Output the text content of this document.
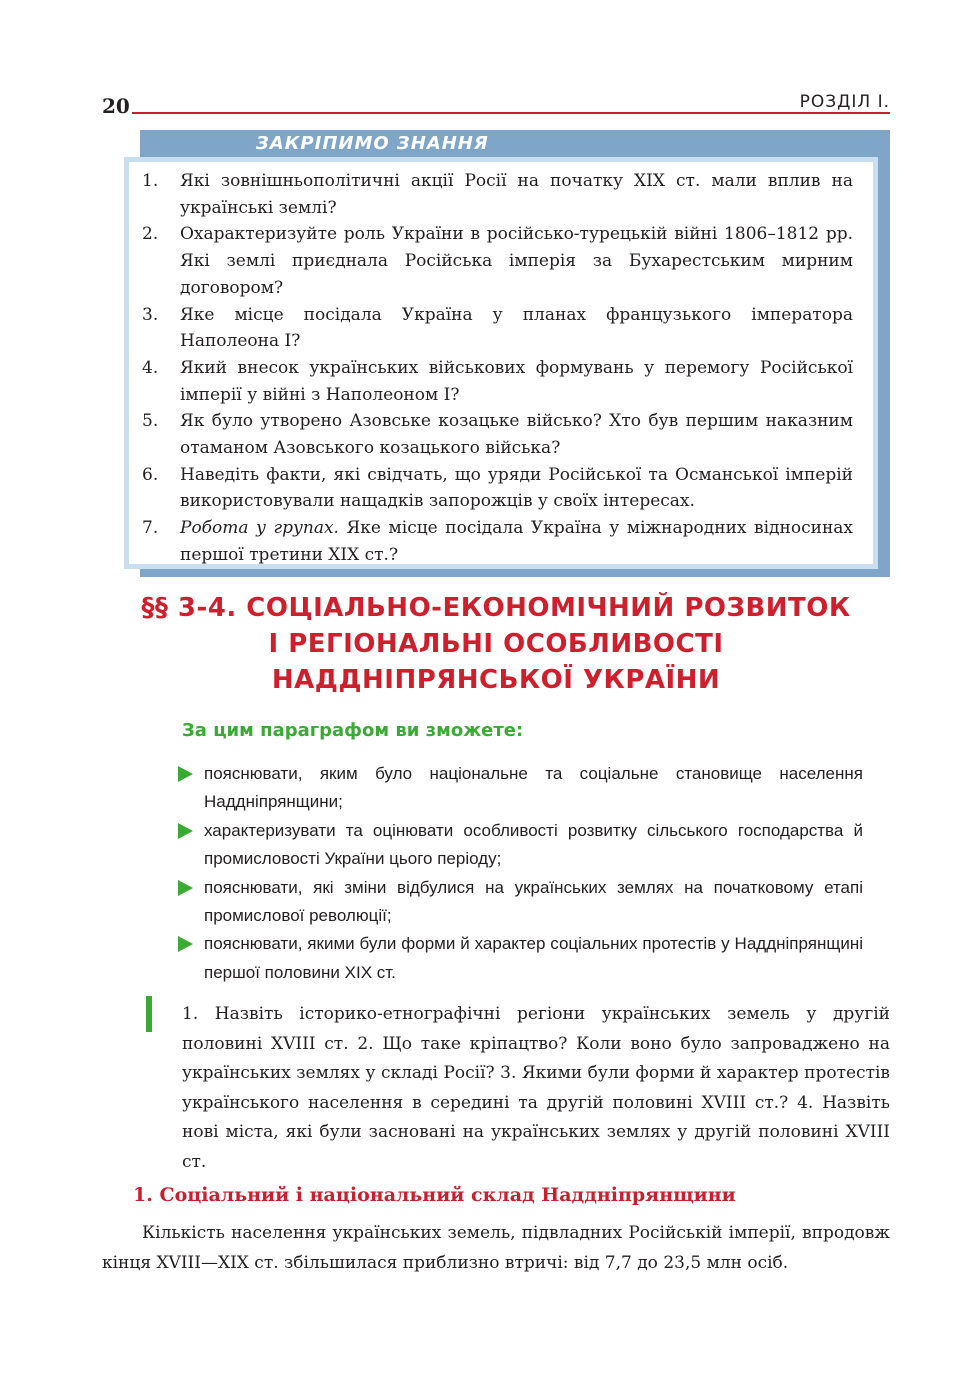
20	РОЗДІЛ І.
ЗАКРІПИМО ЗНАННЯ
1. Які зовнішньополітичні акції Росії на початку ХІХ ст. мали вплив на українські землі?
2. Охарактеризуйте роль України в російсько-турецькій війні 1806–1812 рр. Які землі приєднала Російська імперія за Бухарестським мирним договором?
3. Яке місце посідала Україна у планах французького імператора Наполеона І?
4. Який внесок українських військових формувань у перемогу Російської імперії у війні з Наполеоном І?
5. Як було утворено Азовське козацьке військо? Хто був першим наказним отаманом Азовського козацького війська?
6. Наведіть факти, які свідчать, що уряди Російської та Османської імперій використовували нащадків запорожців у своїх інтересах.
7. Робота у групах. Яке місце посідала Україна у міжнародних відносинах першої третини ХІХ ст.?
§§ 3-4. СОЦІАЛЬНО-ЕКОНОМІЧНИЙ РОЗВИТОК
І РЕГІОНАЛЬНІ ОСОБЛИВОСТІ
НАДДНІПРЯНСЬКОЇ УКРАЇНИ
За цим параграфом ви зможете:
пояснювати, яким було національне та соціальне становище населення Наддніпрянщини;
характеризувати та оцінювати особливості розвитку сільського господарства й промисловості України цього періоду;
пояснювати, які зміни відбулися на українських землях на початковому етапі промислової революції;
пояснювати, якими були форми й характер соціальних протестів у Наддніпрянщині першої половини ХІХ ст.

1. Назвіть історико-етнографічні регіони українських земель у другій половині XVIII ст. 2. Що таке кріпацтво? Коли воно було запроваджено на українських землях у складі Росії? 3. Якими були форми й характер протестів українського населення в середині та другій половині XVIII ст.? 4. Назвіть нові міста, які були засновані на українських землях у другій половині XVIII ст.

1. Соціальний і національний склад Наддніпрянщини

Кількість населення українських земель, підвладних Російській імперії, впродовж кінця XVIII—XIX ст. збільшилася приблизно втричі: від 7,7 до 23,5 млн осіб.
